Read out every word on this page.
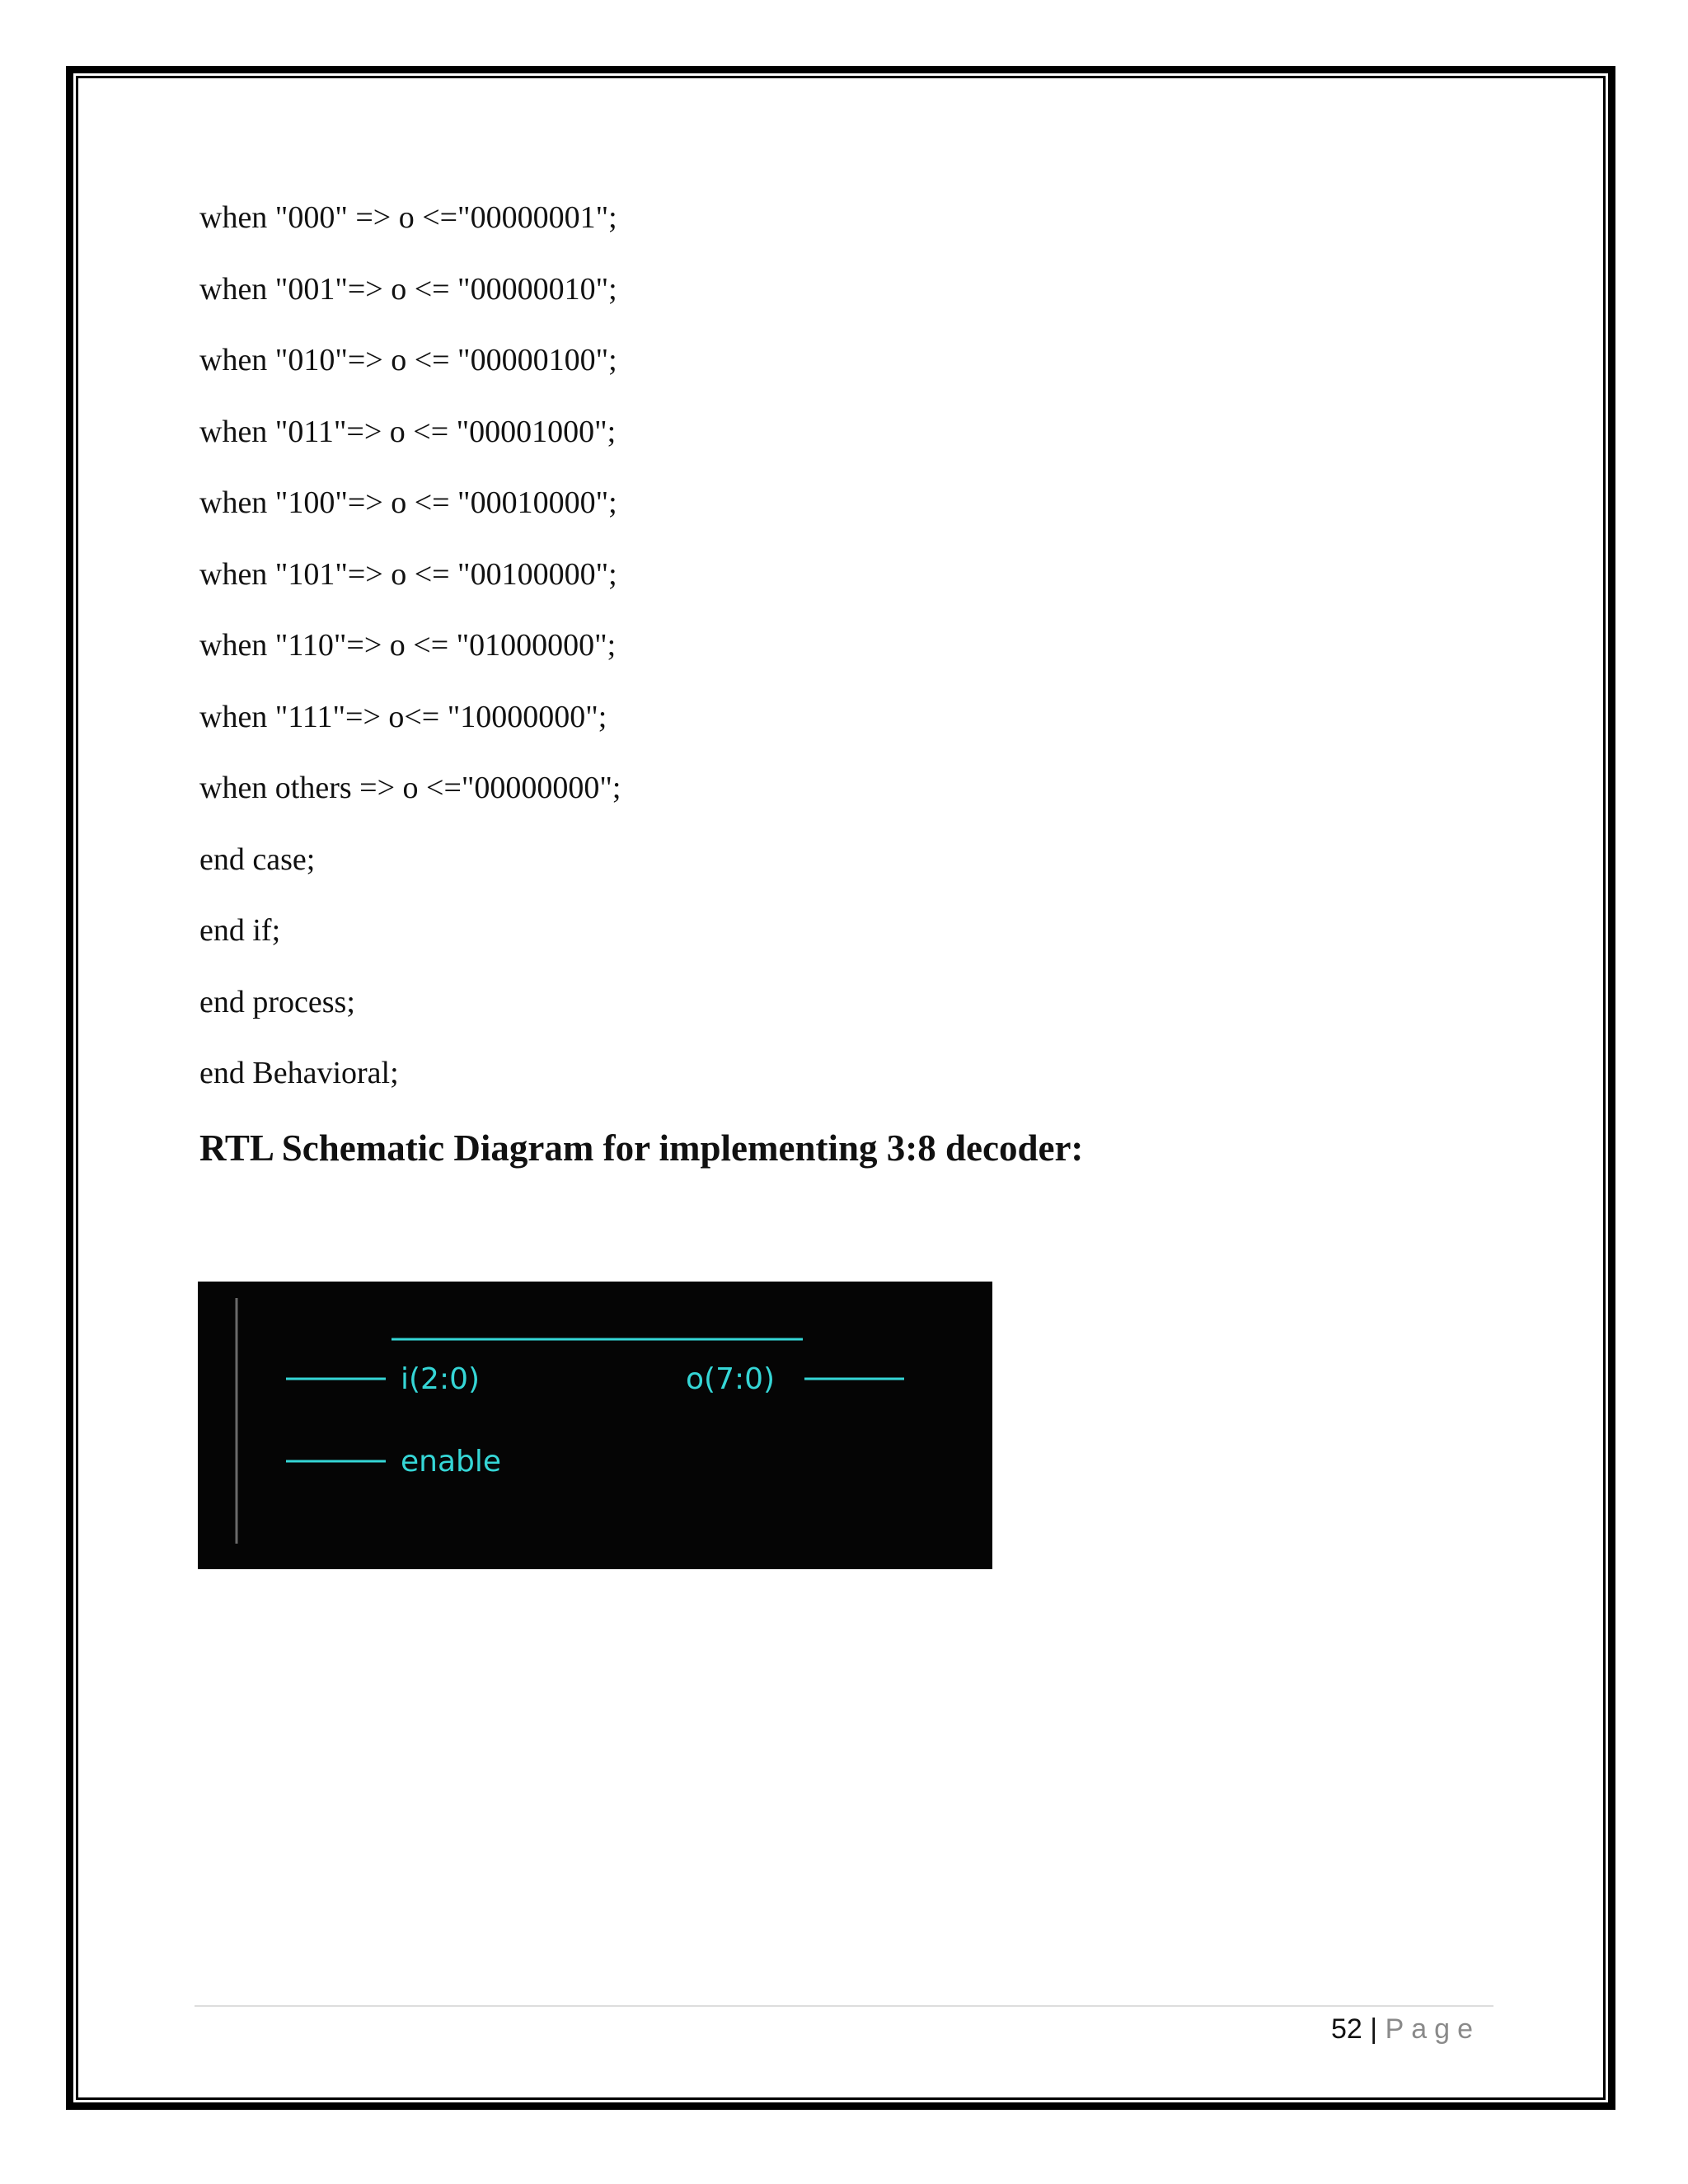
when "000" => o <="00000001";
when "001"=> o <= "00000010";
when "010"=> o <= "00000100";
when "011"=> o <= "00001000";
when "100"=> o <= "00010000";
when "101"=> o <= "00100000";
when "110"=> o <= "01000000";
when "111"=> o<= "10000000";
when others => o <="00000000";
end case;
end if;
end process;
end Behavioral;
RTL Schematic Diagram for implementing 3:8 decoder:
i(2:0)
enable
o(7:0)
52 | Page
